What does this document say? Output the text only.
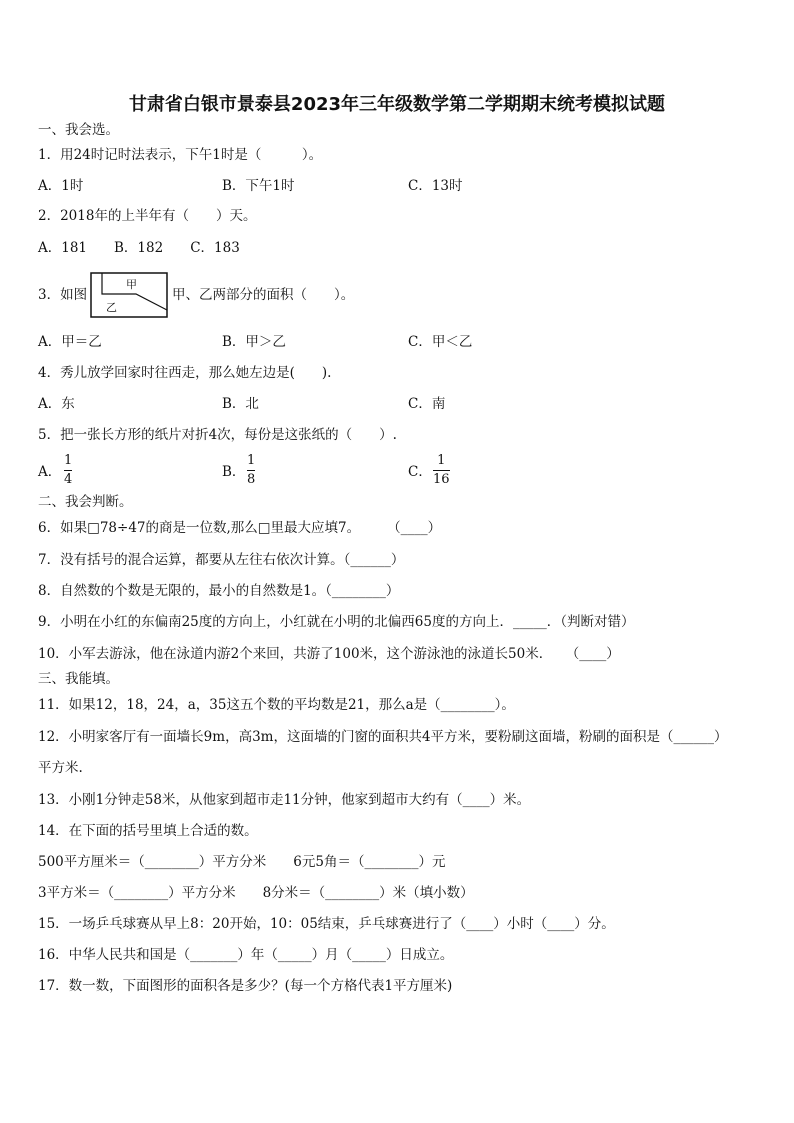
甘肃省白银市景泰县2023年三年级数学第二学期期末统考模拟试题
一、我会选。
1．用24时记时法表示，下午1时是（　　　）。
A．1时	B．下午1时	C．13时
2．2018年的上半年有（　　）天。
A．181　　B．182　　C．183
3．如图
甲
乙
甲、乙两部分的面积（　　）。
A．甲＝乙	B．甲＞乙	C．甲＜乙
4．秀儿放学回家时往西走，那么她左边是(　　).
A．东	B．北	C．南
5．把一张长方形的纸片对折4次，每份是这张纸的（　　）.
A．
1
4	B．
1
8	C．
1
16
二、我会判断。
6．如果□78÷47的商是一位数,那么□里最大应填7。　　　（____）
7．没有括号的混合运算，都要从左往右依次计算。（______）
8．自然数的个数是无限的，最小的自然数是1。（________）
9．小明在小红的东偏南25度的方向上，小红就在小明的北偏西65度的方向上．_____．（判断对错）
10．小军去游泳，他在泳道内游2个来回，共游了100米，这个游泳池的泳道长50米．　　（____）
三、我能填。
11．如果12，18，24，a，35这五个数的平均数是21，那么a是（________）。
12．小明家客厅有一面墙长9m，高3m，这面墙的门窗的面积共4平方米，要粉刷这面墙，粉刷的面积是（______）
平方米.
13．小刚1分钟走58米，从他家到超市走11分钟，他家到超市大约有（____）米。
14．在下面的括号里填上合适的数。
500平方厘米＝（________）平方分米　　6元5角＝（________）元
3平方米＝（________）平方分米　　8分米＝（________）米（填小数）
15．一场乒乓球赛从早上8：20开始，10：05结束，乒乓球赛进行了（____）小时（____）分。
16．中华人民共和国是（_______）年（_____）月（_____）日成立。
17．数一数，下面图形的面积各是多少？(每一个方格代表1平方厘米)
